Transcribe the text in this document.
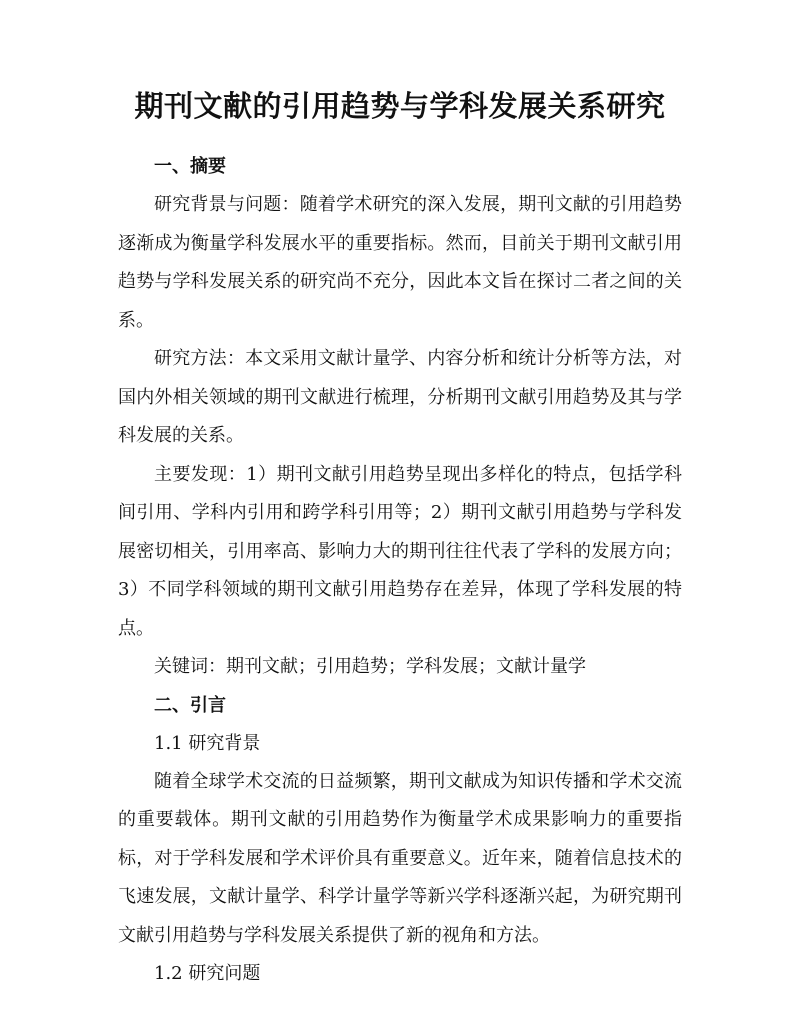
期刊文献的引用趋势与学科发展关系研究

一、摘要

研究背景与问题：随着学术研究的深入发展，期刊文献的引用趋势逐渐成为衡量学科发展水平的重要指标。然而，目前关于期刊文献引用趋势与学科发展关系的研究尚不充分，因此本文旨在探讨二者之间的关系。

研究方法：本文采用文献计量学、内容分析和统计分析等方法，对国内外相关领域的期刊文献进行梳理，分析期刊文献引用趋势及其与学科发展的关系。

主要发现：1）期刊文献引用趋势呈现出多样化的特点，包括学科间引用、学科内引用和跨学科引用等；2）期刊文献引用趋势与学科发展密切相关，引用率高、影响力大的期刊往往代表了学科的发展方向；3）不同学科领域的期刊文献引用趋势存在差异，体现了学科发展的特点。

关键词：期刊文献；引用趋势；学科发展；文献计量学

二、引言

1.1 研究背景

随着全球学术交流的日益频繁，期刊文献成为知识传播和学术交流的重要载体。期刊文献的引用趋势作为衡量学术成果影响力的重要指标，对于学科发展和学术评价具有重要意义。近年来，随着信息技术的飞速发展，文献计量学、科学计量学等新兴学科逐渐兴起，为研究期刊文献引用趋势与学科发展关系提供了新的视角和方法。

1.2 研究问题
